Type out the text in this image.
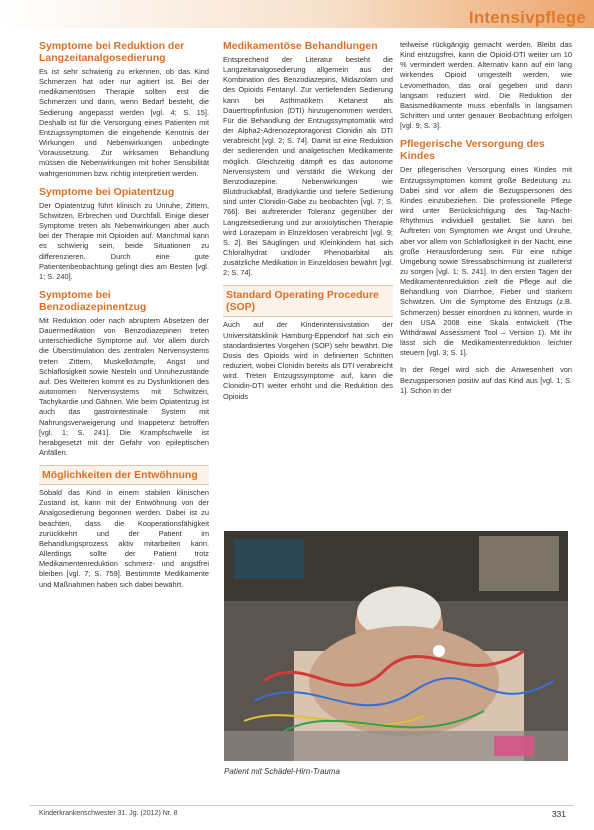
Intensivpflege
Symptome bei Reduktion der Langzeitanalgosedierung

Es ist sehr schwierig zu erkennen, ob das Kind Schmerzen hat oder nur agitiert ist. Bei der medikamentösen Therapie sollten erst die Schmerzen und dann, wenn Bedarf besteht, die Sedierung angepasst werden [vgl. 4; S. 15]. Deshalb ist für die Versorgung eines Patienten mit Entzugssymptomen die eingehende Kenntnis der Wirkungen und Nebenwirkungen unbedingte Voraussetzung. Zur wirksamen Behandlung müssen die Nebenwirkungen mit hoher Sensibilität wahrgenommen bzw. richtig interpretiert werden.

Symptome bei Opiatentzug

Der Opiatentzug führt klinisch zu Unruhe, Zittern, Schwitzen, Erbrechen und Durchfall. Einige dieser Symptome treten als Nebenwirkungen aber auch bei der Therapie mit Opioiden auf. Manchmal kann es schwierig sein, beide Situationen zu differenzieren. Durch eine gute Patientenbeobachtung gelingt dies am Besten [vgl. 1; S. 240].

Symptome bei Benzodiazepinentzug

Mit Reduktion oder nach abruptem Absetzen der Dauermedikation von Benzodiazepinen treten unterschiedliche Symptome auf. Vor allem durch die Überstimulation des zentralen Nervensystems treten Zittern, Muskelkrämpfe, Angst und Schlaflosigkeit sowie Nesteln und Unruhezustände auf. Des Weiteren kommt es zu Dysfunktionen des autonomen Nervensystems mit Schwitzen, Tachykardie und Gähnen. Wie beim Opiatentzug ist auch das gastrointestinale System mit Nahrungsverweigerung und Inappetenz betroffen [vgl. 1; S. 241]. Die Krampfschwelle ist herabgesetzt mit der Gefahr von epileptischen Anfällen.

Möglichkeiten der Entwöhnung

Sobald das Kind in einem stabilen klinischen Zustand ist, kann mit der Entwöhnung von der Analgosedierung begonnen werden. Dabei ist zu beachten, dass die Kooperationsfähigkeit zurückkehrt und der Patient im Behandlungsprozess aktiv mitarbeiten kann. Allerdings sollte der Patient trotz Medikamentenreduktion schmerz- und angstfrei bleiben [vgl. 7; S. 759]. Bestimmte Medikamente und Maßnahmen haben sich dabei bewährt.

Medikamentöse Behandlungen

Entsprechend der Literatur besteht die Langzeitanalgosedierung allgemein aus der Kombination des Benzodiazepins, Midazolam und des Opioids Fentanyl. Zur vertiefenden Sedierung kann bei Asthmatikern Ketanest als Dauertropfinfusion (DTI) hinzugenommen werden. Für die Behandlung der Entzugssymptomatik wird der Alpha2-Adrenozeptoragonist Clonidin als DTI verabreicht [vgl. 2; S. 74]. Damit ist eine Reduktion der sedierenden und analgetischen Medikamente möglich. Gleichzeitig dämpft es das autonome Nervensystem und verstärkt die Wirkung der Benzodiazepine. Nebenwirkungen wie Blutdruckabfall, Bradykardie und tiefere Sedierung sind unter Clonidin-Gabe zu beobachten [vgl. 7; S. 766]. Bei auftretender Toleranz gegenüber der Langzeitsedierung und zur anxiolytischen Therapie wird Lorazepam in Einzeldosen verabreicht [vgl. 9; S. 2]. Bei Säuglingen und Kleinkindern hat sich Chloralhydrat und/oder Phenobarbital als zusätzliche Medikation in Einzeldosen bewährt [vgl. 2; S. 74].

Standard Operating Procedure (SOP)

Auch auf der Kinderintensivstation der Universitätsklinik Hamburg-Eppendorf hat sich ein standardisiertes Vorgehen (SOP) sehr bewährt. Die Dosis des Opioids wird in definierten Schritten reduziert, wobei Clonidin bereits als DTI verabreicht wird. Treten Entzugssymptome auf, kann die Clonidin-DTI weiter erhöht und die Reduktion des Opioids

teilweise rückgängig gemacht werden. Bleibt das Kind entzugsfrei, kann die Opioid-DTI weiter um 10 % vermindert werden. Alternativ kann auf ein lang wirkendes Opioid umgestellt werden, wie Levomethadon, das oral gegeben und dann langsam reduziert wird. Die Reduktion der Basismedikamente muss ebenfalls in langsamen Schritten und unter genauer Beobachtung erfolgen [vgl. 9; S. 3].

Pflegerische Versorgung des Kindes

Der pflegerischen Versorgung eines Kindes mit Entzugssymptomen kommt große Bedeutung zu. Dabei sind vor allem die Bezugspersonen des Kindes einzubeziehen. Die professionelle Pflege wird unter Berücksichtigung des Tag-Nacht-Rhythmus individuell gestaltet. Sie kann bei Auftreten von Symptomen wie Angst und Unruhe, aber vor allem von Schlaflosigkeit in der Nacht, eine große Herausforderung sein. Für eine ruhige Umgebung sowie Stressabschirmung ist zuallererst zu sorgen [vgl. 1; S. 241]. In den ersten Tagen der Medikamentenreduktion zielt die Pflege auf die Behandlung von Diarrhoe, Fieber und starkem Schwitzen. Um die Symptome des Entzugs (z.B. Schmerzen) besser einordnen zu können, wurde in den USA 2008 eine Skala entwickelt (The Withdrawal Assessment Tool – Version 1). Mit ihr lässt sich die Medikamentenreduktion leichter steuern [vgl. 3; S. 1].

In der Regel wird sich die Anwesenheit von Bezugspersonen positiv auf das Kind aus [vgl. 1; S. 1]. Schon in der

Patient mit Schädel-Hirn-Trauma
Kinderkrankenschwester 31. Jg. (2012) Nr. 8	331
